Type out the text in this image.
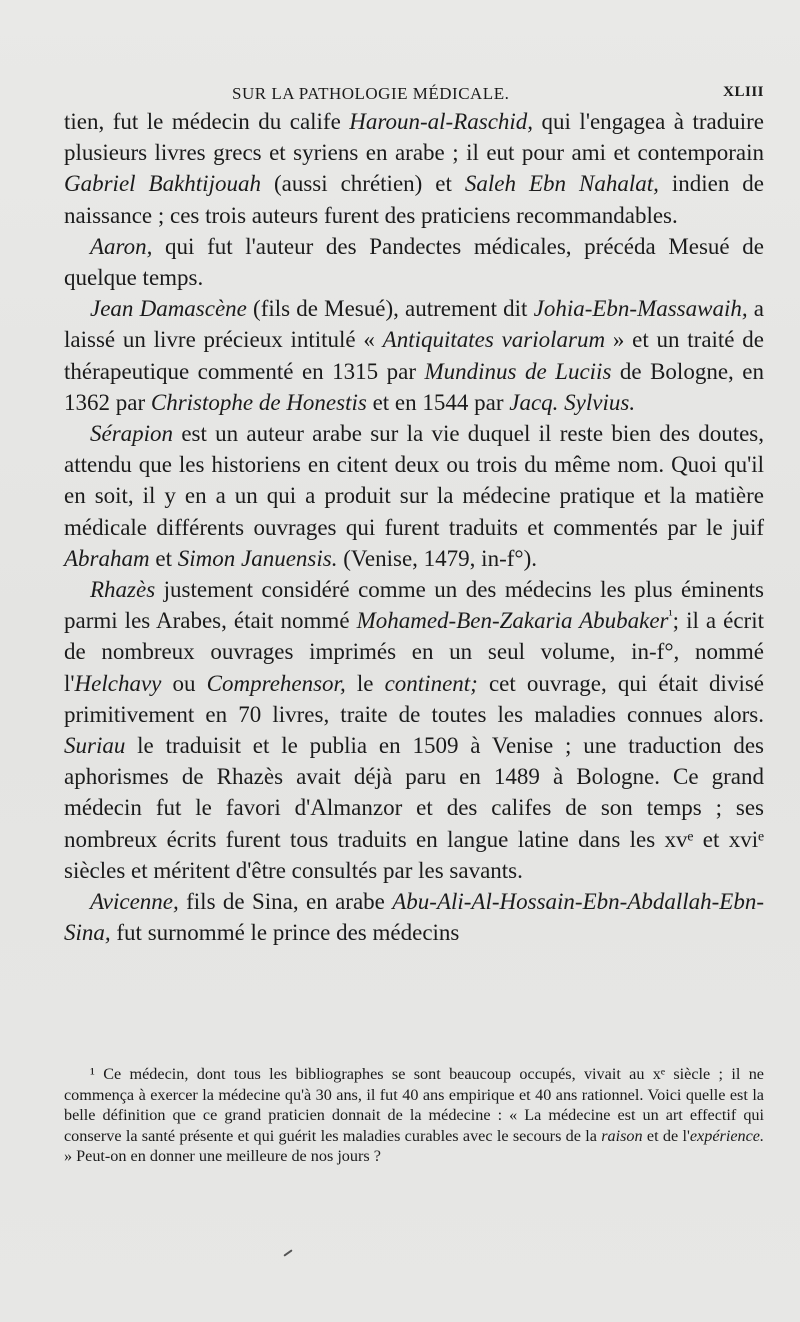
SUR LA PATHOLOGIE MÉDICALE.	XLIII

tien, fut le médecin du calife Haroun-al-Raschid, qui l'engagea à traduire plusieurs livres grecs et syriens en arabe ; il eut pour ami et contemporain Gabriel Bakhtijouah (aussi chrétien) et Saleh Ebn Nahalat, indien de naissance ; ces trois auteurs furent des praticiens recommandables.

Aaron, qui fut l'auteur des Pandectes médicales, précéda Mesué de quelque temps.

Jean Damascène (fils de Mesué), autrement dit Johia-Ebn-Massawaih, a laissé un livre précieux intitulé « Antiquitates variolarum » et un traité de thérapeutique commenté en 1315 par Mundinus de Luciis de Bologne, en 1362 par Christophe de Honestis et en 1544 par Jacq. Sylvius.

Sérapion est un auteur arabe sur la vie duquel il reste bien des doutes, attendu que les historiens en citent deux ou trois du même nom. Quoi qu'il en soit, il y en a un qui a produit sur la médecine pratique et la matière médicale différents ouvrages qui furent traduits et commentés par le juif Abraham et Simon Januensis. (Venise, 1479, in-f°).

Rhazès justement considéré comme un des médecins les plus éminents parmi les Arabes, était nommé Mohamed-Ben-Zakaria Abubaker$^{^1}$; il a écrit de nombreux ouvrages imprimés en un seul volume, in-f°, nommé l'Helchavy ou Comprehensor, le continent; cet ouvrage, qui était divisé primitivement en 70 livres, traite de toutes les maladies connues alors. Suriau le traduisit et le publia en 1509 à Venise ; une traduction des aphorismes de Rhazès avait déjà paru en 1489 à Bologne. Ce grand médecin fut le favori d'Almanzor et des califes de son temps ; ses nombreux écrits furent tous traduits en langue latine dans les xvᵉ et xviᵉ siècles et méritent d'être consultés par les savants.

Avicenne, fils de Sina, en arabe Abu-Ali-Al-Hossain-Ebn-Abdallah-Ebn-Sina, fut surnommé le prince des médecins

¹ Ce médecin, dont tous les bibliographes se sont beaucoup occupés, vivait au xᵉ siècle ; il ne commença à exercer la médecine qu'à 30 ans, il fut 40 ans empirique et 40 ans rationnel. Voici quelle est la belle définition que ce grand praticien donnait de la médecine : « La médecine est un art effectif qui conserve la santé présente et qui guérit les maladies curables avec le secours de la raison et de l'expérience. » Peut-on en donner une meilleure de nos jours ?
